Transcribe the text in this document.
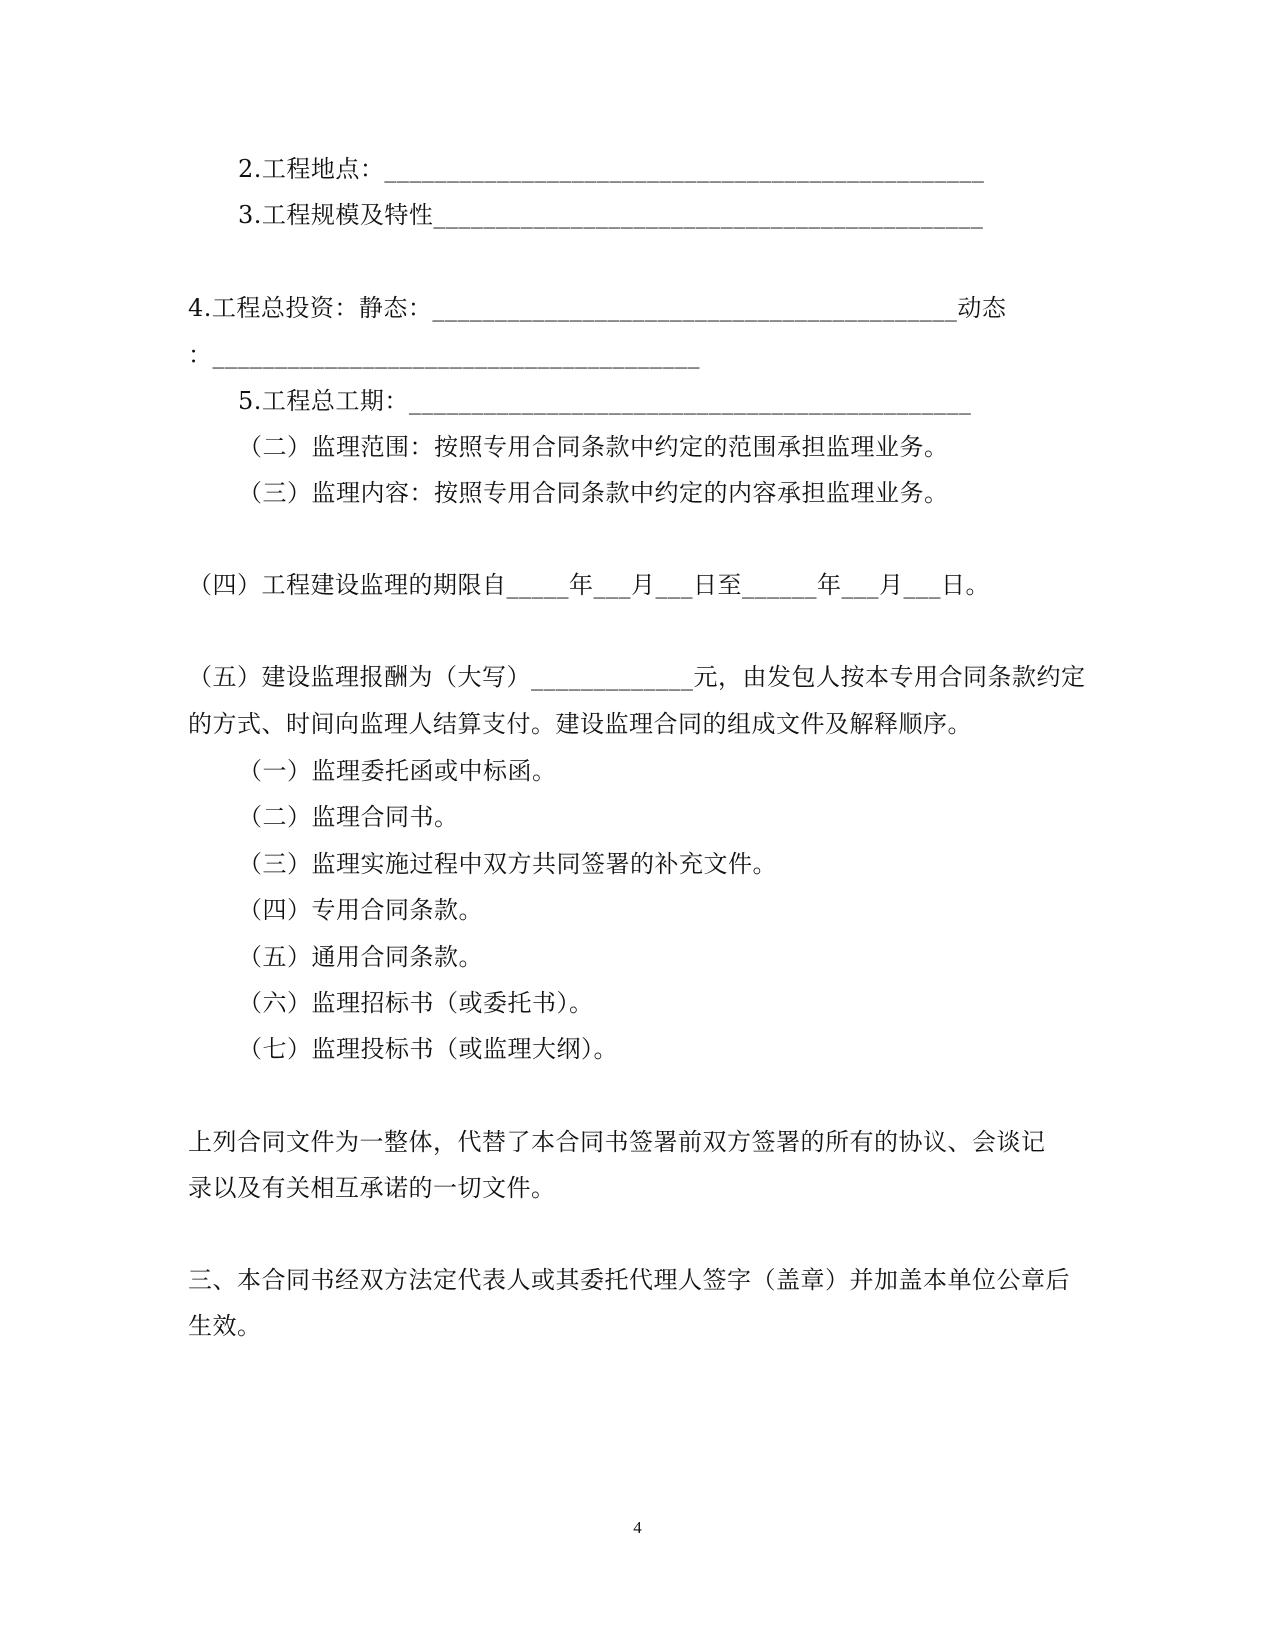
2.工程地点：________________________________________________
3.工程规模及特性____________________________________________
4.工程总投资：静态：__________________________________________动态
：_______________________________________
5.工程总工期：_____________________________________________
（二）监理范围：按照专用合同条款中约定的范围承担监理业务。
（三）监理内容：按照专用合同条款中约定的内容承担监理业务。
（四）工程建设监理的期限自_____年___月___日至______年___月___日。
（五）建设监理报酬为（大写）_____________元，由发包人按本专用合同条款约定
的方式、时间向监理人结算支付。建设监理合同的组成文件及解释顺序。
（一）监理委托函或中标函。
（二）监理合同书。
（三）监理实施过程中双方共同签署的补充文件。
（四）专用合同条款。
（五）通用合同条款。
（六）监理招标书（或委托书）。
（七）监理投标书（或监理大纲）。
上列合同文件为一整体，代替了本合同书签署前双方签署的所有的协议、会谈记
录以及有关相互承诺的一切文件。
三、本合同书经双方法定代表人或其委托代理人签字（盖章）并加盖本单位公章后
生效。
4
